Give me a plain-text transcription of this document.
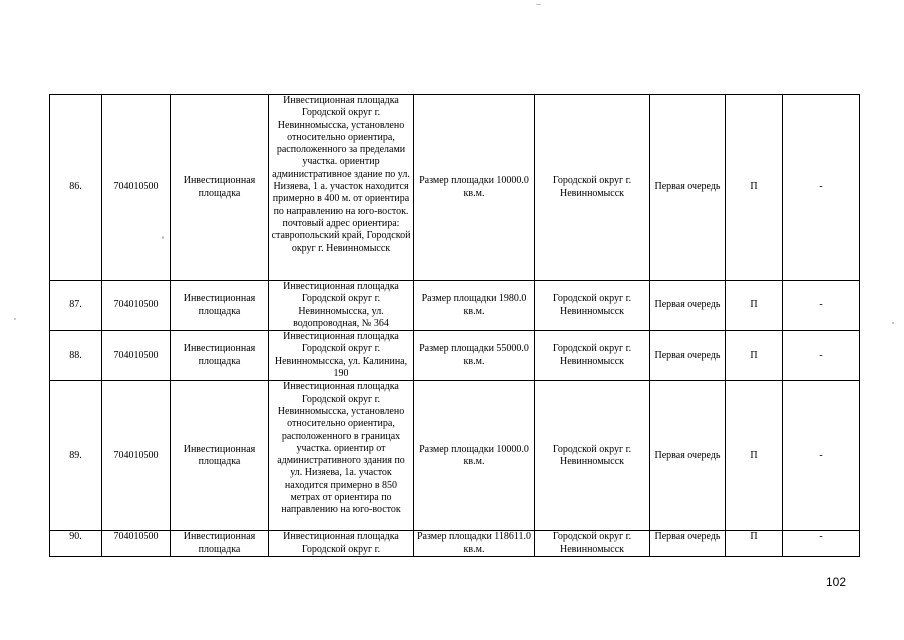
86.	704010500	Инвестиционная площадка	Инвестиционная площадка Городской округ г. Невинномысска, установлено относительно ориентира, расположенного за пределами участка. ориентир административное здание по ул. Низяева, 1 а. участок находится примерно в 400 м. от ориентира по направлению на юго-восток. почтовый адрес ориентира: ставропольский край, Городской округ г. Невинномысск	Размер площадки 10000.0 кв.м.	Городской округ г. Невинномысск	Первая очередь	П	-
87.	704010500	Инвестиционная площадка	Инвестиционная площадка Городской округ г. Невинномысска, ул. водопроводная, № 364	Размер площадки 1980.0 кв.м.	Городской округ г. Невинномысск	Первая очередь	П	-
88.	704010500	Инвестиционная площадка	Инвестиционная площадка Городской округ г. Невинномысска, ул. Калинина, 190	Размер площадки 55000.0 кв.м.	Городской округ г. Невинномысск	Первая очередь	П	-
89.	704010500	Инвестиционная площадка	Инвестиционная площадка Городской округ г. Невинномысска, установлено относительно ориентира, расположенного в границах участка. ориентир от административного здания по ул. Низяева, 1а. участок находится примерно в 850 метрах от ориентира по направлению на юго-восток	Размер площадки 10000.0 кв.м.	Городской округ г. Невинномысск	Первая очередь	П	-
90.	704010500	Инвестиционная площадка	Инвестиционная площадка Городской округ г.	Размер площадки 118611.0 кв.м.	Городской округ г. Невинномысск	Первая очередь	П	-
102
